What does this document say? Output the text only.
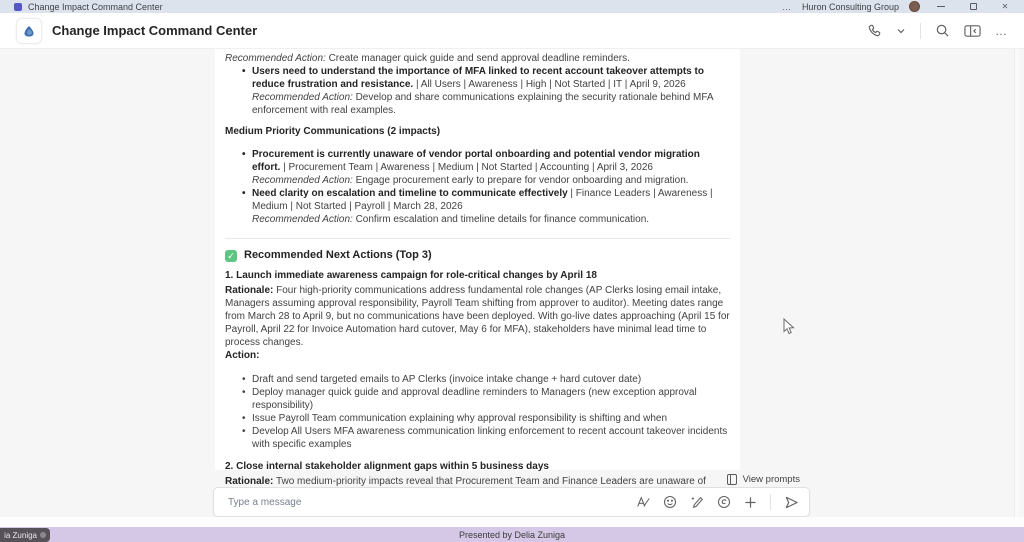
Change Impact Command Center	… Huron Consulting Group	✕
Change Impact Command Center	…

Recommended Action: Create manager quick guide and send approval deadline reminders.

• Users need to understand the importance of MFA linked to recent account takeover attempts to reduce frustration and resistance. | All Users | Awareness | High | Not Started | IT | April 9, 2026
Recommended Action: Develop and share communications explaining the security rationale behind MFA enforcement with real examples.

Medium Priority Communications (2 impacts)

• Procurement is currently unaware of vendor portal onboarding and potential vendor migration effort. | Procurement Team | Awareness | Medium | Not Started | Accounting | April 3, 2026
Recommended Action: Engage procurement early to prepare for vendor onboarding and migration.
• Need clarity on escalation and timeline to communicate effectively | Finance Leaders | Awareness | Medium | Not Started | Payroll | March 28, 2026
Recommended Action: Confirm escalation and timeline details for finance communication.
✓ Recommended Next Actions (Top 3)

1. Launch immediate awareness campaign for role-critical changes by April 18

Rationale: Four high-priority communications address fundamental role changes (AP Clerks losing email intake, Managers assuming approval responsibility, Payroll Team shifting from approver to auditor). Meeting dates range from March 28 to April 9, but no communications have been deployed. With go-live dates approaching (April 15 for Payroll, April 22 for Invoice Automation hard cutover, May 6 for MFA), stakeholders have minimal lead time to process changes.

Action:

• Draft and send targeted emails to AP Clerks (invoice intake change + hard cutover date)
• Deploy manager quick guide and approval deadline reminders to Managers (new exception approval responsibility)
• Issue Payroll Team communication explaining why approval responsibility is shifting and when
• Develop All Users MFA awareness communication linking enforcement to recent account takeover incidents with specific examples

2. Close internal stakeholder alignment gaps within 5 business days

Rationale: Two medium-priority impacts reveal that Procurement Team and Finance Leaders are unaware of	View prompts
Type a message
Presented by Delia Zuniga
ia Zuniga
